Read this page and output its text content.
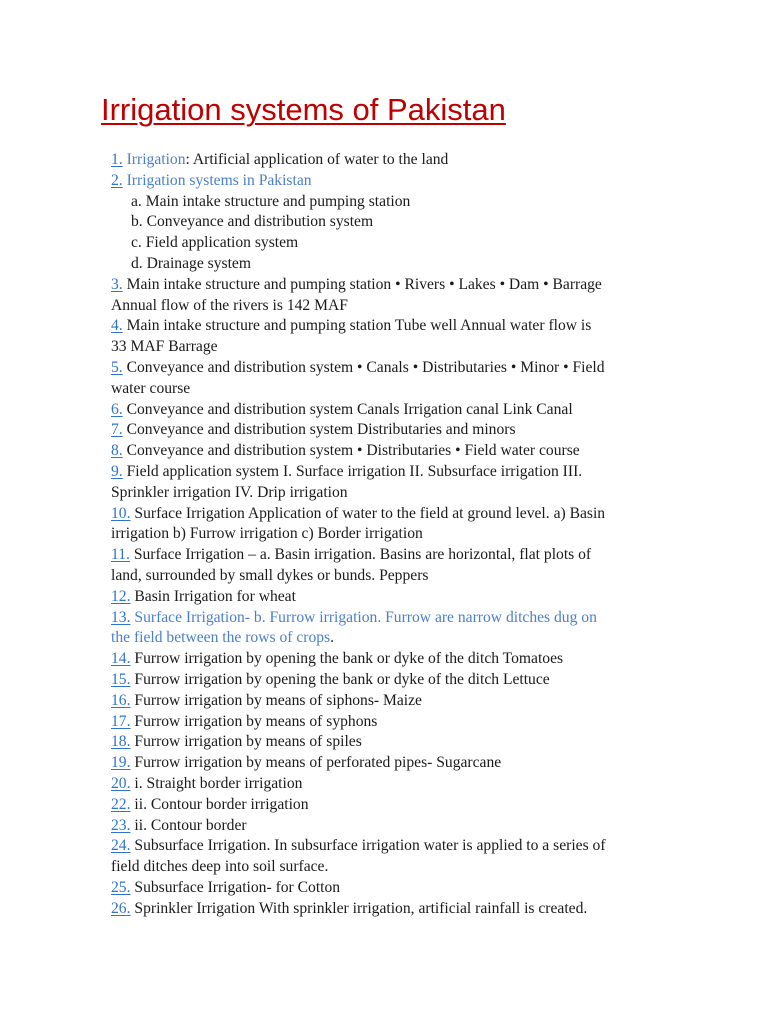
Irrigation systems of Pakistan
1. Irrigation: Artificial application of water to the land
2. Irrigation systems in Pakistan
a. Main intake structure and pumping station
b. Conveyance and distribution system
c. Field application system
d. Drainage system
3. Main intake structure and pumping station • Rivers • Lakes • Dam • Barrage
Annual flow of the rivers is 142 MAF
4. Main intake structure and pumping station Tube well Annual water flow is
33 MAF Barrage
5. Conveyance and distribution system • Canals • Distributaries • Minor • Field
water course
6. Conveyance and distribution system Canals Irrigation canal Link Canal
7. Conveyance and distribution system Distributaries and minors
8. Conveyance and distribution system • Distributaries • Field water course
9. Field application system I. Surface irrigation II. Subsurface irrigation III.
Sprinkler irrigation IV. Drip irrigation
10. Surface Irrigation Application of water to the field at ground level. a) Basin
irrigation b) Furrow irrigation c) Border irrigation
11. Surface Irrigation – a. Basin irrigation. Basins are horizontal, flat plots of
land, surrounded by small dykes or bunds. Peppers
12. Basin Irrigation for wheat
13. Surface Irrigation- b. Furrow irrigation. Furrow are narrow ditches dug on
the field between the rows of crops.
14. Furrow irrigation by opening the bank or dyke of the ditch Tomatoes
15. Furrow irrigation by opening the bank or dyke of the ditch Lettuce
16. Furrow irrigation by means of siphons- Maize
17. Furrow irrigation by means of syphons
18. Furrow irrigation by means of spiles
19. Furrow irrigation by means of perforated pipes- Sugarcane
20. i. Straight border irrigation
22. ii. Contour border irrigation
23. ii. Contour border
24. Subsurface Irrigation. In subsurface irrigation water is applied to a series of
field ditches deep into soil surface.
25. Subsurface Irrigation- for Cotton
26. Sprinkler Irrigation With sprinkler irrigation, artificial rainfall is created.
